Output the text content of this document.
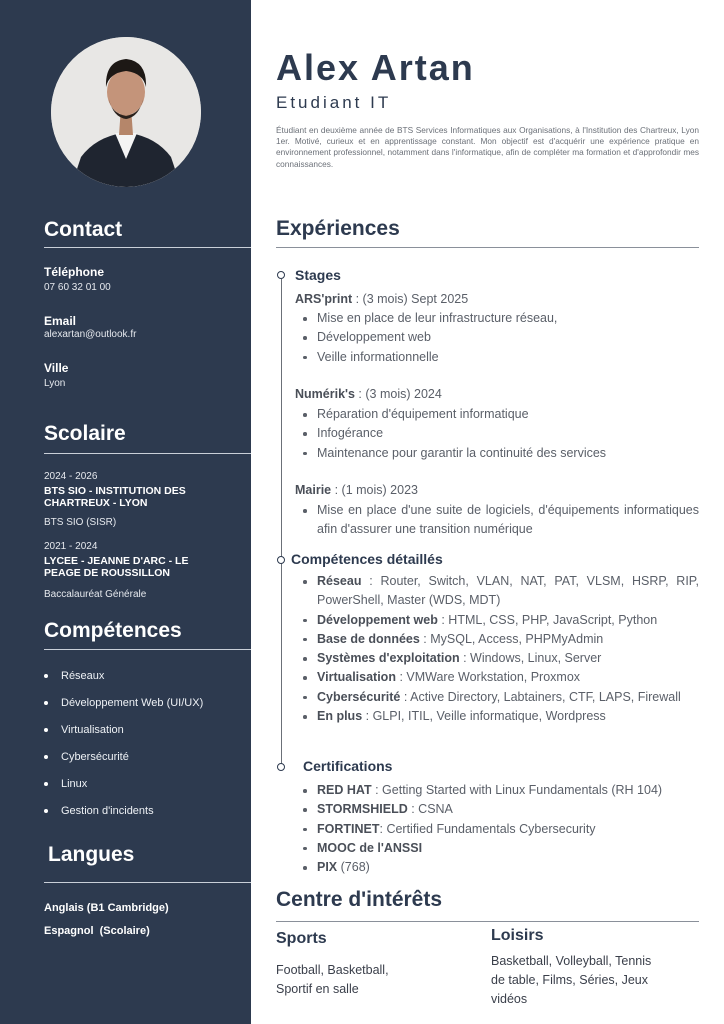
Contact
Téléphone
07 60 32 01 00
Email
alexartan@outlook.fr
Ville
Lyon
Scolaire
2024 - 2026
BTS SIO - INSTITUTION DES
CHARTREUX - LYON
BTS SIO (SISR)
2021 - 2024
LYCEE - JEANNE D'ARC - LE
PEAGE DE ROUSSILLON
Baccalauréat Générale
Compétences
Réseaux
Développement Web (UI/UX)
Virtualisation
Cybersécurité
Linux
Gestion d'incidents
Langues
Anglais (B1 Cambridge)
Espagnol  (Scolaire)
Alex Artan
Etudiant IT
Étudiant en deuxième année de BTS Services Informatiques aux Organisations, à l'Institution des Chartreux, Lyon 1er. Motivé, curieux et en apprentissage constant. Mon objectif est d'acquérir une expérience pratique en environnement professionnel, notamment dans l'informatique, afin de compléter ma formation et d'approfondir mes connaissances.
Expériences
Stages
ARS'print : (3 mois) Sept 2025
Mise en place de leur infrastructure réseau,
Développement web
Veille informationnelle
Numérik's : (3 mois) 2024
Réparation d'équipement informatique
Infogérance
Maintenance pour garantir la continuité des services
Mairie : (1 mois) 2023
Mise en place d'une suite de logiciels, d'équipements informatiques afin d'assurer une transition numérique
Compétences détaillés
Réseau : Router, Switch, VLAN, NAT, PAT, VLSM, HSRP, RIP, PowerShell, Master (WDS, MDT)
Développement web : HTML, CSS, PHP, JavaScript, Python
Base de données : MySQL, Access, PHPMyAdmin
Systèmes d'exploitation : Windows, Linux, Server
Virtualisation : VMWare Workstation, Proxmox
Cybersécurité : Active Directory, Labtainers, CTF, LAPS, Firewall
En plus : GLPI, ITIL, Veille informatique, Wordpress
Certifications
RED HAT : Getting Started with Linux Fundamentals (RH 104)
STORMSHIELD : CSNA
FORTINET: Certified Fundamentals Cybersecurity
MOOC de l'ANSSI
PIX (768)
Centre d'intérêts
Sports
Football, Basketball,
Sportif en salle
Loisirs
Basketball, Volleyball, Tennis
de table, Films, Séries, Jeux
vidéos
